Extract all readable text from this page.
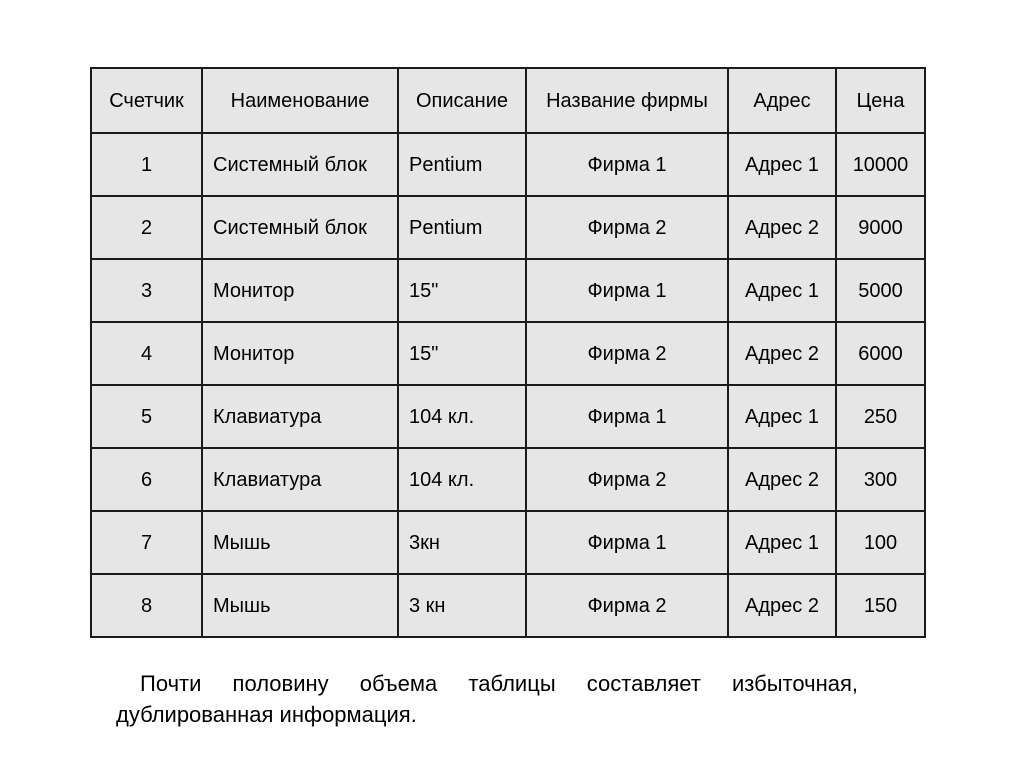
Счетчик	Наименование	Описание	Название фирмы	Адрес	Цена
1	Системный блок	Pentium	Фирма 1	Адрес 1	10000
2	Системный блок	Pentium	Фирма 2	Адрес 2	9000
3	Монитор	15"	Фирма 1	Адрес 1	5000
4	Монитор	15"	Фирма 2	Адрес 2	6000
5	Клавиатура	104 кл.	Фирма 1	Адрес 1	250
6	Клавиатура	104 кл.	Фирма 2	Адрес 2	300
7	Мышь	3кн	Фирма 1	Адрес 1	100
8	Мышь	3 кн	Фирма 2	Адрес 2	150

Почти половину объема таблицы составляет избыточная, дублированная информация.
